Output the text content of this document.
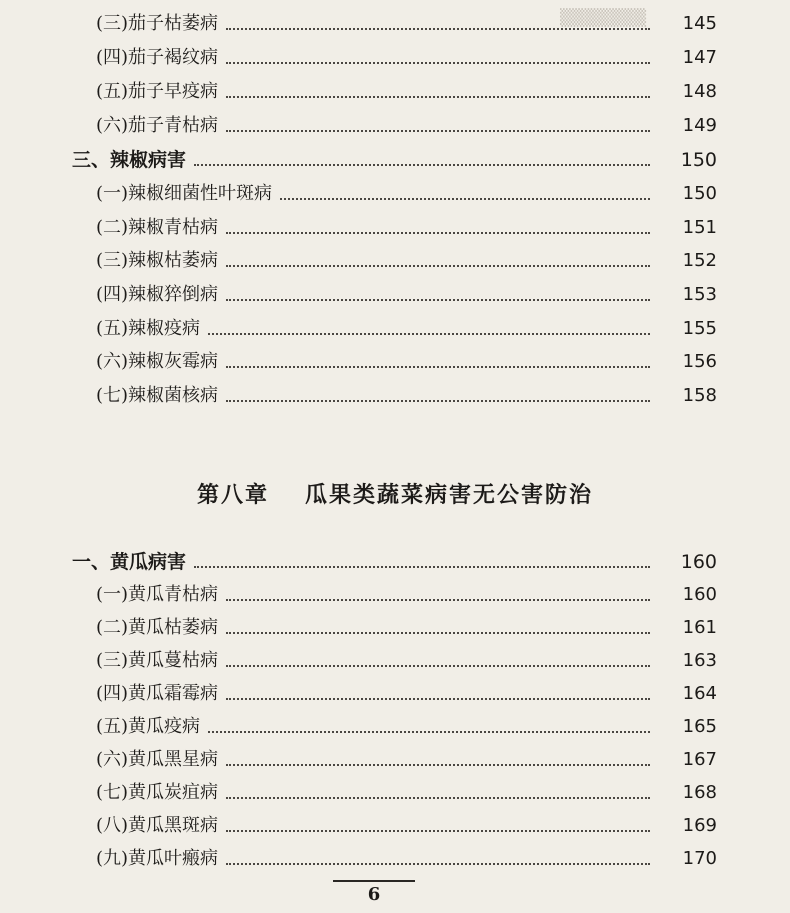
▒▒▒▒▒▒▒
(三)茄子枯萎病	145
(四)茄子褐纹病	147
(五)茄子早疫病	148
(六)茄子青枯病	149
三、辣椒病害	150
(一)辣椒细菌性叶斑病	150
(二)辣椒青枯病	151
(三)辣椒枯萎病	152
(四)辣椒猝倒病	153
(五)辣椒疫病	155
(六)辣椒灰霉病	156
(七)辣椒菌核病	158
第八章 瓜果类蔬菜病害无公害防治
一、黄瓜病害	160
(一)黄瓜青枯病	160
(二)黄瓜枯萎病	161
(三)黄瓜蔓枯病	163
(四)黄瓜霜霉病	164
(五)黄瓜疫病	165
(六)黄瓜黑星病	167
(七)黄瓜炭疽病	168
(八)黄瓜黑斑病	169
(九)黄瓜叶瘢病	170
6
